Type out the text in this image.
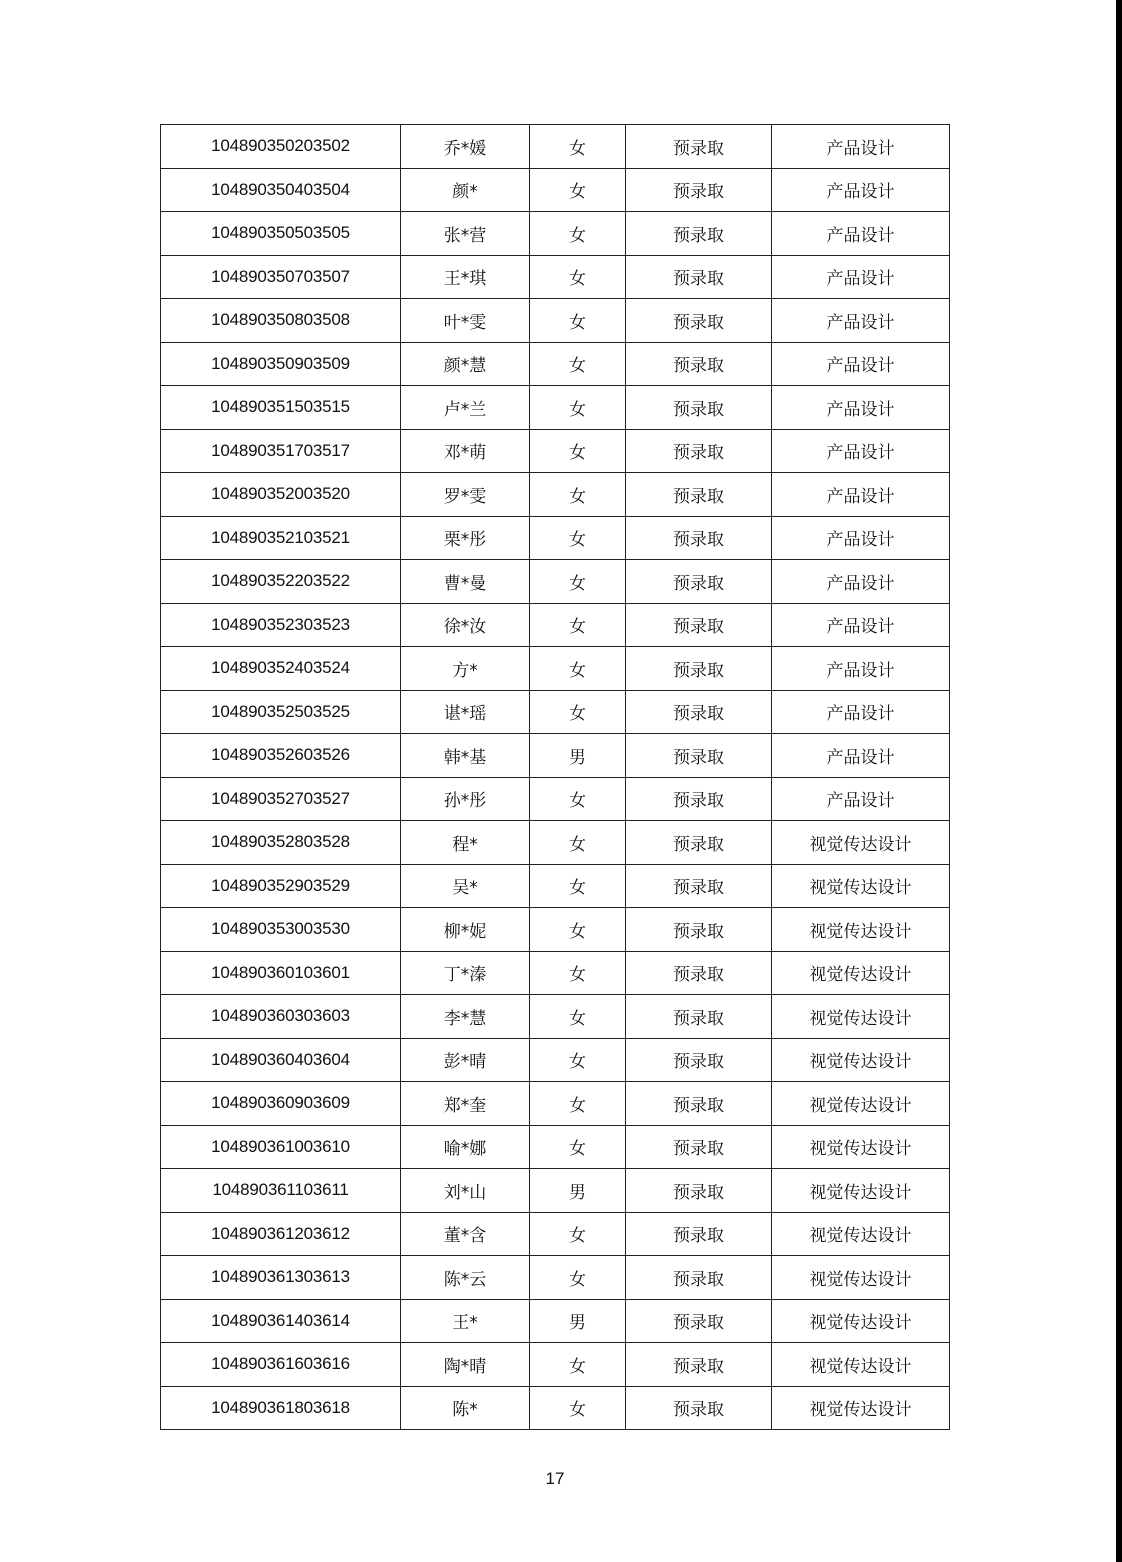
104890350203502	乔*媛	女	预录取	产品设计
104890350403504	颜*	女	预录取	产品设计
104890350503505	张*营	女	预录取	产品设计
104890350703507	王*琪	女	预录取	产品设计
104890350803508	叶*雯	女	预录取	产品设计
104890350903509	颜*慧	女	预录取	产品设计
104890351503515	卢*兰	女	预录取	产品设计
104890351703517	邓*萌	女	预录取	产品设计
104890352003520	罗*雯	女	预录取	产品设计
104890352103521	栗*彤	女	预录取	产品设计
104890352203522	曹*曼	女	预录取	产品设计
104890352303523	徐*汝	女	预录取	产品设计
104890352403524	方*	女	预录取	产品设计
104890352503525	谌*瑶	女	预录取	产品设计
104890352603526	韩*基	男	预录取	产品设计
104890352703527	孙*彤	女	预录取	产品设计
104890352803528	程*	女	预录取	视觉传达设计
104890352903529	吴*	女	预录取	视觉传达设计
104890353003530	柳*妮	女	预录取	视觉传达设计
104890360103601	丁*溱	女	预录取	视觉传达设计
104890360303603	李*慧	女	预录取	视觉传达设计
104890360403604	彭*晴	女	预录取	视觉传达设计
104890360903609	郑*奎	女	预录取	视觉传达设计
104890361003610	喻*娜	女	预录取	视觉传达设计
104890361103611	刘*山	男	预录取	视觉传达设计
104890361203612	董*含	女	预录取	视觉传达设计
104890361303613	陈*云	女	预录取	视觉传达设计
104890361403614	王*	男	预录取	视觉传达设计
104890361603616	陶*晴	女	预录取	视觉传达设计
104890361803618	陈*	女	预录取	视觉传达设计
17
